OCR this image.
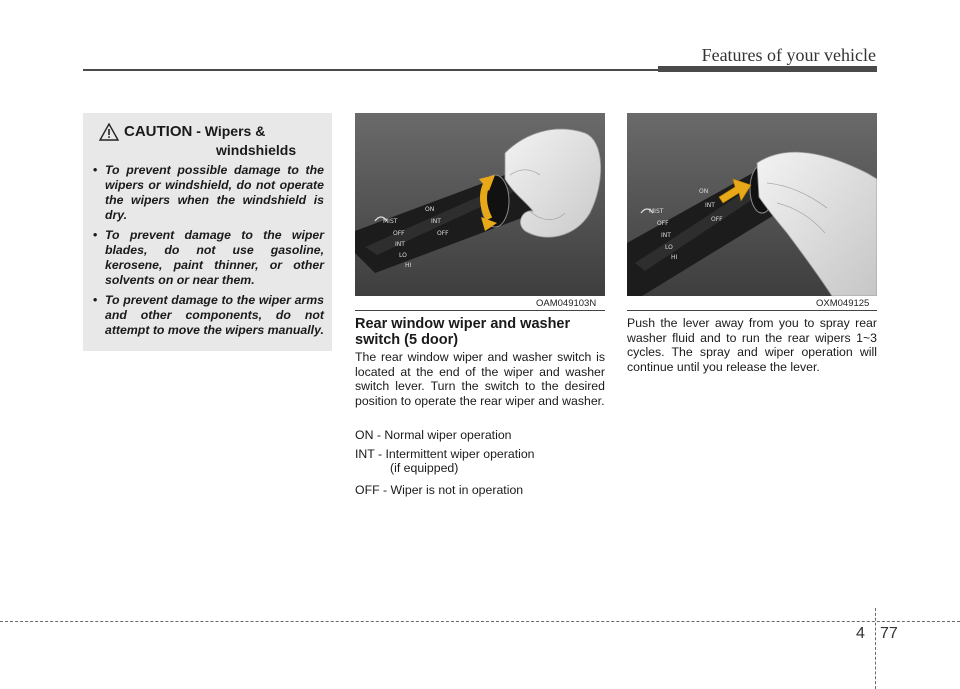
Features of your vehicle
CAUTION - Wipers &
windshields
• To prevent possible damage to the wipers or windshield, do not operate the wipers when the windshield is dry.
• To prevent damage to the wiper blades, do not use gasoline, kerosene, paint thinner, or other solvents on or near them.
• To prevent damage to the wiper arms and other components, do not attempt to move the wipers manually.
MIST
OFF
INT
LO
HI
ON
INT
OFF
OAM049103N
MIST
OFF
INT
LO
HI
ON
INT
OFF
OXM049125
Rear window wiper and washer switch (5 door)
The rear window wiper and washer switch is located at the end of the wiper and washer switch lever. Turn the switch to the desired position to operate the rear wiper and washer.
ON - Normal wiper operation
INT - Intermittent wiper operation
(if equipped)
OFF - Wiper is not in operation
Push the lever away from you to spray rear washer fluid and to run the rear wipers 1~3 cycles. The spray and wiper operation will continue until you release the lever.
4 77
